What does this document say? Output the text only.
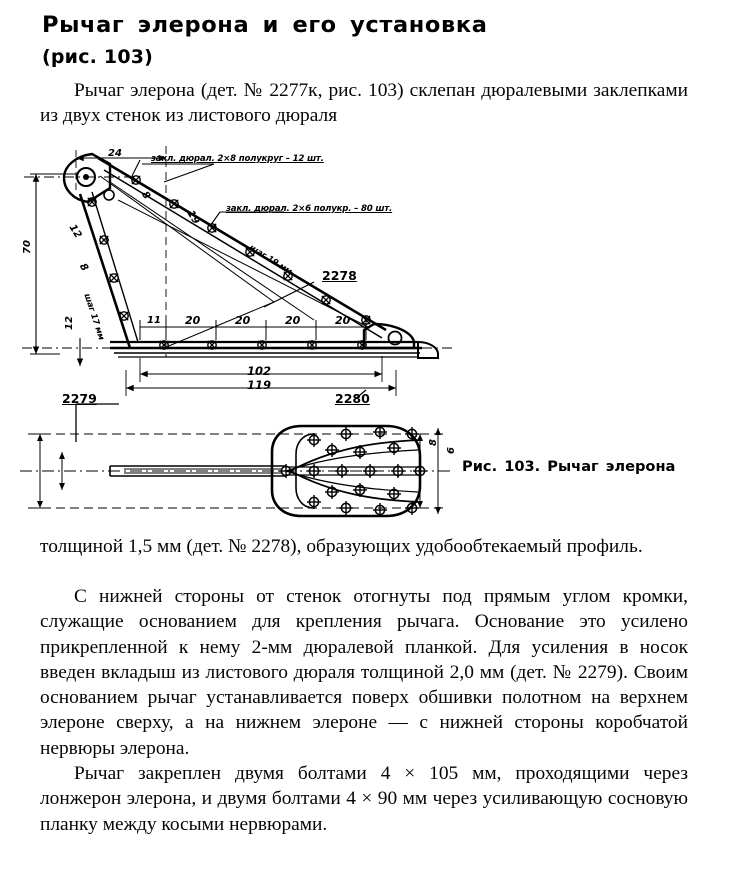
Рычаг элерона и его установка
(рис. 103)
Рычаг элерона (дет. № 2277к, рис. 103) склепан дюралевыми заклепками из двух стенок из листового дюраля
24
70
закл. дюрал. 2×8 полукруг – 12 шт.
закл. дюрал. 2×6 полукр. – 80 шт.
шаг 19 мм
шаг 17 мм
8
19
12
8
12
2278
2279	2280
11 20	20	20	20
102
119
8
6
Рис. 103. Рычаг элерона
толщиной 1,5 мм (дет. № 2278), образующих удобообтекаемый профиль.
С нижней стороны от стенок отогнуты под прямым углом кромки, служащие основанием для крепления рычага. Основание это усилено прикрепленной к нему 2-мм дюралевой планкой. Для усиления в носок введен вкладыш из листового дюраля толщиной 2,0 мм (дет. № 2279). Своим основанием рычаг устанавливается поверх обшивки полотном на верхнем элероне сверху, а на нижнем элероне — с нижней стороны коробчатой нервюры элерона.
Рычаг закреплен двумя болтами 4 × 105 мм, проходящими через лонжерон элерона, и двумя болтами 4 × 90 мм через усиливающую сосновую планку между косыми нервюрами.
